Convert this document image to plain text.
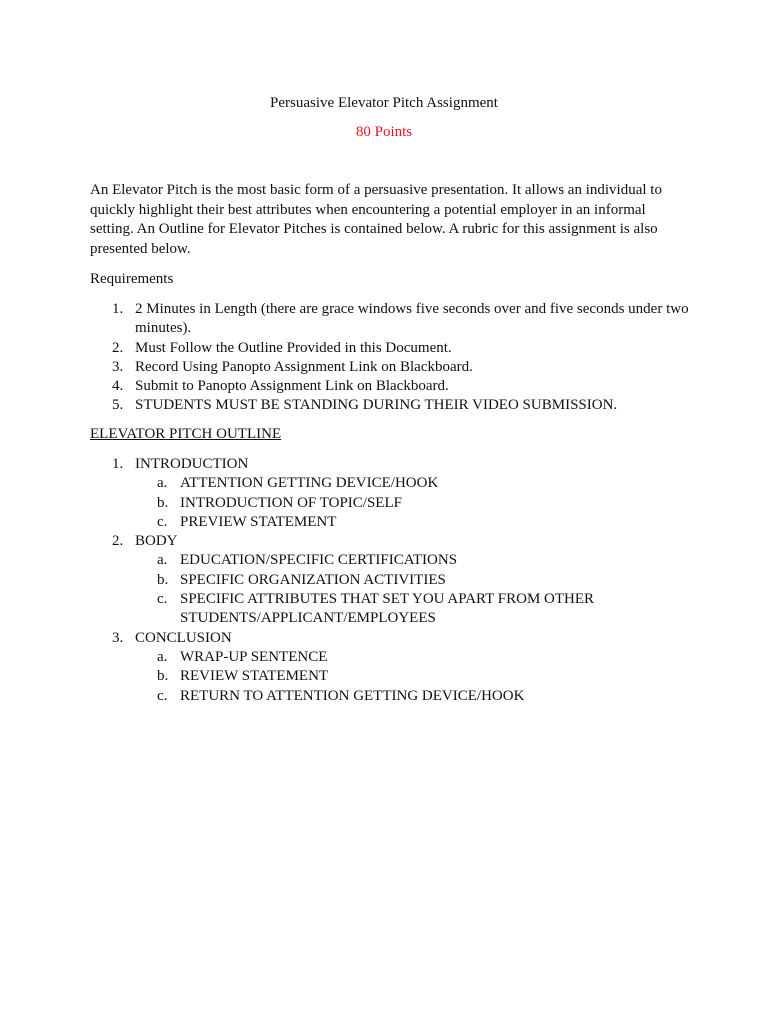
Persuasive Elevator Pitch Assignment
80 Points

An Elevator Pitch is the most basic form of a persuasive presentation. It allows an individual to quickly highlight their best attributes when encountering a potential employer in an informal setting. An Outline for Elevator Pitches is contained below. A rubric for this assignment is also presented below.

Requirements
1. 2 Minutes in Length (there are grace windows five seconds over and five seconds under two minutes).
2. Must Follow the Outline Provided in this Document.
3. Record Using Panopto Assignment Link on Blackboard.
4. Submit to Panopto Assignment Link on Blackboard.
5. STUDENTS MUST BE STANDING DURING THEIR VIDEO SUBMISSION.
ELEVATOR PITCH OUTLINE
1. INTRODUCTION
a. ATTENTION GETTING DEVICE/HOOK
b. INTRODUCTION OF TOPIC/SELF
c. PREVIEW STATEMENT
2. BODY
a. EDUCATION/SPECIFIC CERTIFICATIONS
b. SPECIFIC ORGANIZATION ACTIVITIES
c. SPECIFIC ATTRIBUTES THAT SET YOU APART FROM OTHER STUDENTS/APPLICANT/EMPLOYEES
3. CONCLUSION
a. WRAP-UP SENTENCE
b. REVIEW STATEMENT
c. RETURN TO ATTENTION GETTING DEVICE/HOOK
